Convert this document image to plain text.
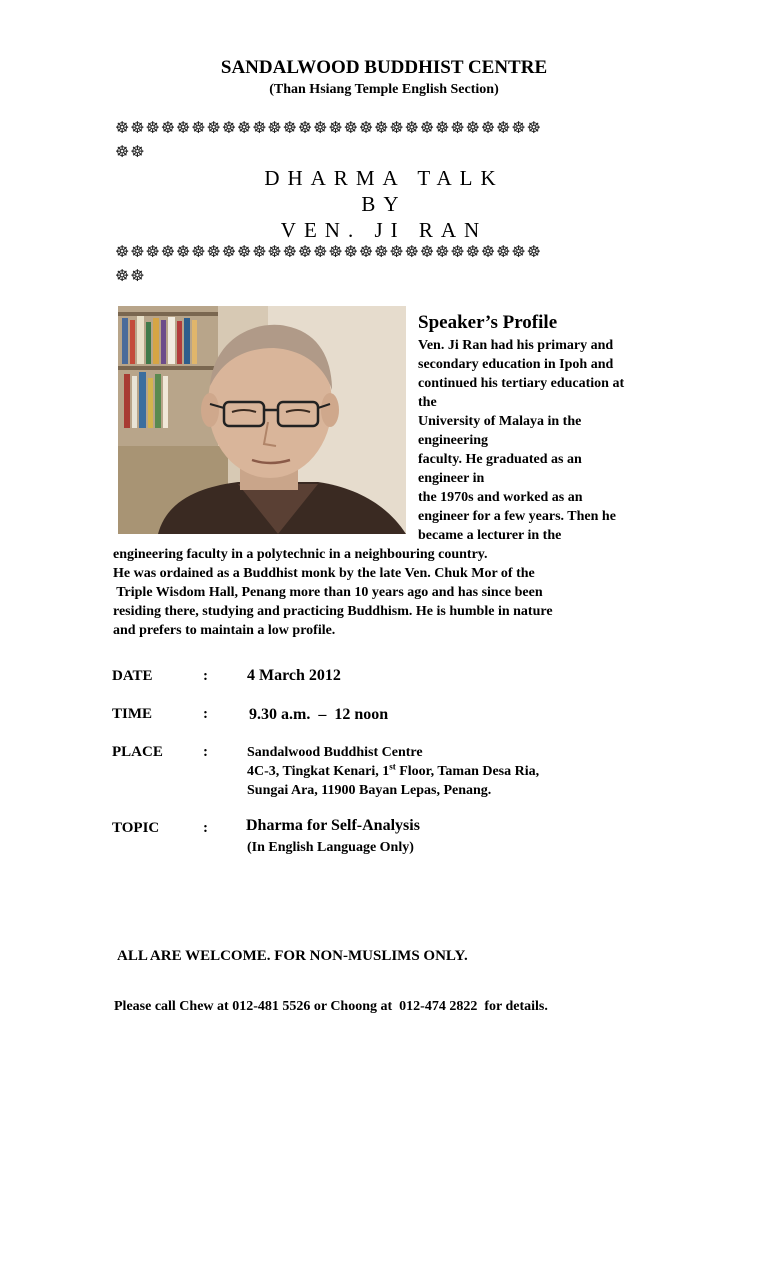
SANDALWOOD BUDDHIST CENTRE
(Than Hsiang Temple English Section)
☸☸☸☸☸☸☸☸☸☸☸☸☸☸☸☸☸☸☸☸☸☸☸☸☸☸☸☸
☸☸
DHARMA TALK
BY
VEN. JI RAN
☸☸☸☸☸☸☸☸☸☸☸☸☸☸☸☸☸☸☸☸☸☸☸☸☸☸☸☸
☸☸
Speaker’s Profile
Ven. Ji Ran had his primary and
secondary education in Ipoh and
continued his tertiary education at
the
University of Malaya in the
engineering
faculty. He graduated as an
engineer in
the 1970s and worked as an
engineer for a few years. Then he
became a lecturer in the
engineering faculty in a polytechnic in a neighbouring country.
He was ordained as a Buddhist monk by the late Ven. Chuk Mor of the
Triple Wisdom Hall, Penang more than 10 years ago and has since been
residing there, studying and practicing Buddhism. He is humble in nature
and prefers to maintain a low profile.
DATE	: 4 March 2012
TIME	:	9.30 a.m.  –  12 noon
PLACE	:	Sandalwood Buddhist Centre
4C-3, Tingkat Kenari, 1st Floor, Taman Desa Ria,
Sungai Ara, 11900 Bayan Lepas, Penang.
TOPIC	: Dharma for Self-Analysis
(In English Language Only)
ALL ARE WELCOME. FOR NON-MUSLIMS ONLY.
Please call Chew at 012-481 5526 or Choong at  012-474 2822  for details.
